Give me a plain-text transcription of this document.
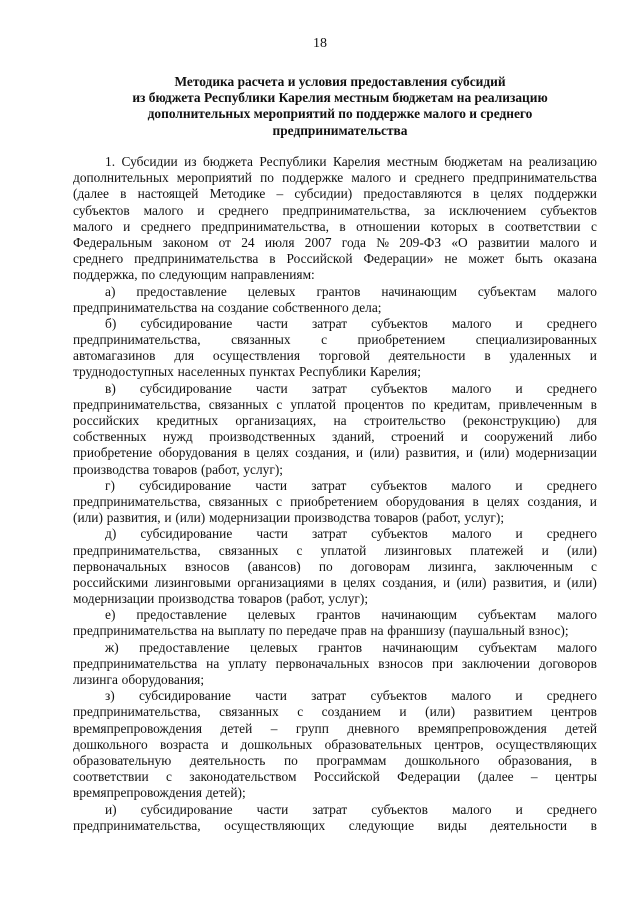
18
Методика расчета и условия предоставления субсидий
из бюджета Республики Карелия местным бюджетам на реализацию
дополнительных мероприятий по поддержке малого и среднего
предпринимательства
1. Субсидии из бюджета Республики Карелия местным бюджетам на реализацию
дополнительных мероприятий по поддержке малого и среднего предпринимательства
(далее в настоящей Методике – субсидии) предоставляются в целях поддержки
субъектов малого и среднего предпринимательства, за исключением субъектов
малого и среднего предпринимательства, в отношении которых в соответствии с
Федеральным законом от 24 июля 2007 года № 209-ФЗ «О развитии малого и
среднего предпринимательства в Российской Федерации» не может быть оказана
поддержка, по следующим направлениям:
а) предоставление целевых грантов начинающим субъектам малого
предпринимательства на создание собственного дела;
б) субсидирование части затрат субъектов малого и среднего
предпринимательства, связанных с приобретением специализированных
автомагазинов для осуществления торговой деятельности в удаленных и
труднодоступных населенных пунктах Республики Карелия;
в) субсидирование части затрат субъектов малого и среднего
предпринимательства, связанных с уплатой процентов по кредитам, привлеченным в
российских кредитных организациях, на строительство (реконструкцию) для
собственных нужд производственных зданий, строений и сооружений либо
приобретение оборудования в целях создания, и (или) развития, и (или) модернизации
производства товаров (работ, услуг);
г) субсидирование части затрат субъектов малого и среднего
предпринимательства, связанных с приобретением оборудования в целях создания, и
(или) развития, и (или) модернизации производства товаров (работ, услуг);
д) субсидирование части затрат субъектов малого и среднего
предпринимательства, связанных с уплатой лизинговых платежей и (или)
первоначальных взносов (авансов) по договорам лизинга, заключенным с
российскими лизинговыми организациями в целях создания, и (или) развития, и (или)
модернизации производства товаров (работ, услуг);
е) предоставление целевых грантов начинающим субъектам малого
предпринимательства на выплату по передаче прав на франшизу (паушальный взнос);
ж) предоставление целевых грантов начинающим субъектам малого
предпринимательства на уплату первоначальных взносов при заключении договоров
лизинга оборудования;
з) субсидирование части затрат субъектов малого и среднего
предпринимательства, связанных с созданием и (или) развитием центров
времяпрепровождения детей – групп дневного времяпрепровождения детей
дошкольного возраста и дошкольных образовательных центров, осуществляющих
образовательную деятельность по программам дошкольного образования, в
соответствии с законодательством Российской Федерации (далее – центры
времяпрепровождения детей);
и) субсидирование части затрат субъектов малого и среднего
предпринимательства, осуществляющих следующие виды деятельности в
